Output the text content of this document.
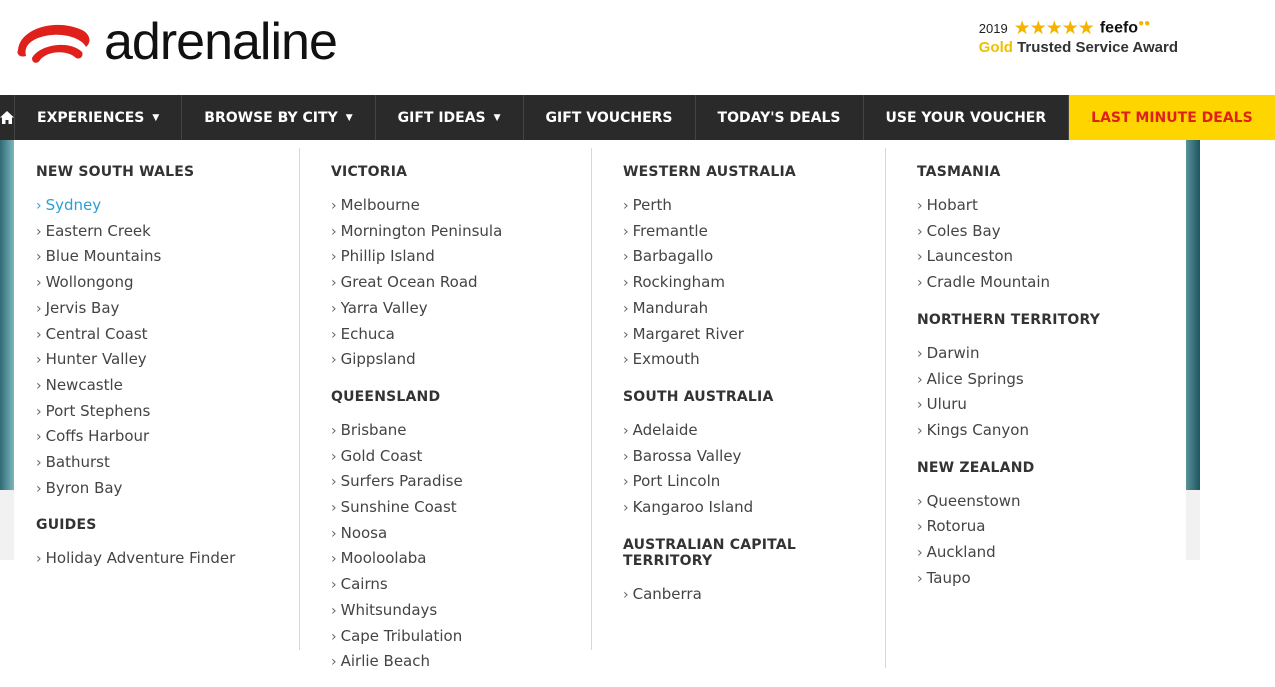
adrenaline	2019 ★★★★★ feefo●●
Gold Trusted Service Award
EXPERIENCES ▼	BROWSE BY CITY ▼	GIFT IDEAS ▼	GIFT VOUCHERS	TODAY'S DEALS	USE YOUR VOUCHER	LAST MINUTE DEALS
NEW SOUTH WALES
› Sydney
› Eastern Creek
› Blue Mountains
› Wollongong
› Jervis Bay
› Central Coast
› Hunter Valley
› Newcastle
› Port Stephens
› Coffs Harbour
› Bathurst
› Byron Bay
GUIDES
› Holiday Adventure Finder
VICTORIA
› Melbourne
› Mornington Peninsula
› Phillip Island
› Great Ocean Road
› Yarra Valley
› Echuca
› Gippsland
QUEENSLAND
› Brisbane
› Gold Coast
› Surfers Paradise
› Sunshine Coast
› Noosa
› Mooloolaba
› Cairns
› Whitsundays
› Cape Tribulation
› Airlie Beach
WESTERN AUSTRALIA
› Perth
› Fremantle
› Barbagallo
› Rockingham
› Mandurah
› Margaret River
› Exmouth
SOUTH AUSTRALIA
› Adelaide
› Barossa Valley
› Port Lincoln
› Kangaroo Island
AUSTRALIAN CAPITAL
TERRITORY
› Canberra
TASMANIA
› Hobart
› Coles Bay
› Launceston
› Cradle Mountain
NORTHERN TERRITORY
› Darwin
› Alice Springs
› Uluru
› Kings Canyon
NEW ZEALAND
› Queenstown
› Rotorua
› Auckland
› Taupo
